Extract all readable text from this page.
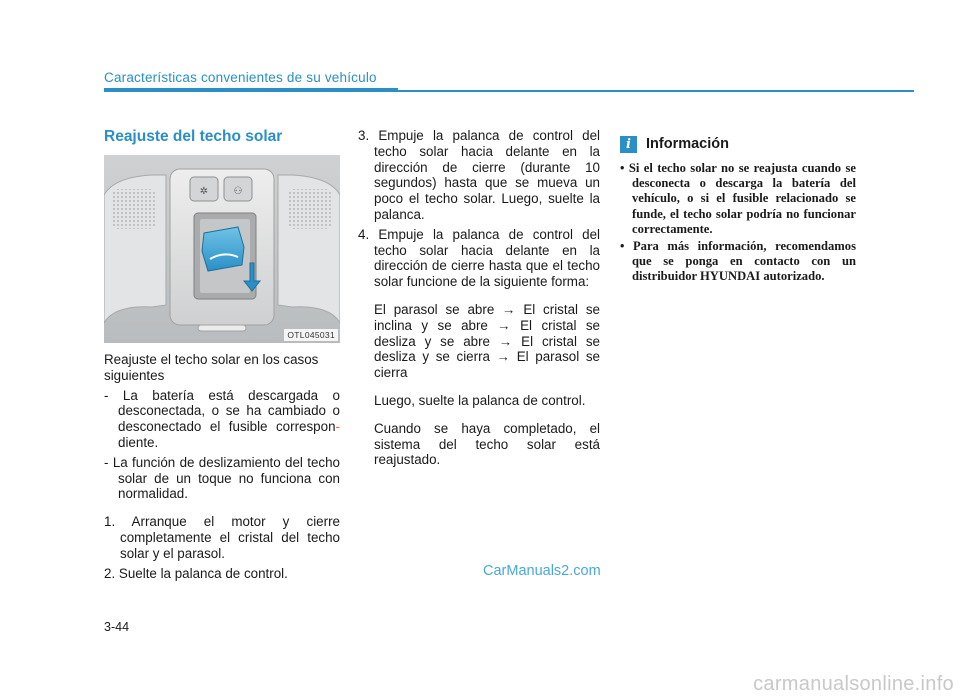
Características convenientes de su vehículo
Reajuste del techo solar
✲	⚇
OTL045031
Reajuste el techo solar en los casos siguientes
- La batería está descargada o desconectada, o se ha cambiado o desconectado el fusible correspon- diente.
- La función de deslizamiento del techo solar de un toque no funciona con normalidad.
1. Arranque el motor y cierre completamente el cristal del techo solar y el parasol.
2. Suelte la palanca de control.
3. Empuje la palanca de control del techo solar hacia delante en la dirección de cierre (durante 10 segundos) hasta que se mueva un poco el techo solar. Luego, suelte la palanca.
4. Empuje la palanca de control del techo solar hacia delante en la dirección de cierre hasta que el techo solar funcione de la siguiente forma:
El parasol se abre → El cristal se inclina y se abre → El cristal se desliza y se abre → El cristal se desliza y se cierra → El parasol se cierra
Luego, suelte la palanca de control.
Cuando se haya completado, el sistema del techo solar está reajustado.
i	Información
• Si el techo solar no se reajusta cuando se desconecta o descarga la batería del vehículo, o si el fusible relacionado se funde, el techo solar podría no funcionar correctamente.
• Para más información, recomendamos que se ponga en contacto con un distribuidor HYUNDAI autorizado.
CarManuals2.com
3-44
carmanualsonline.info
